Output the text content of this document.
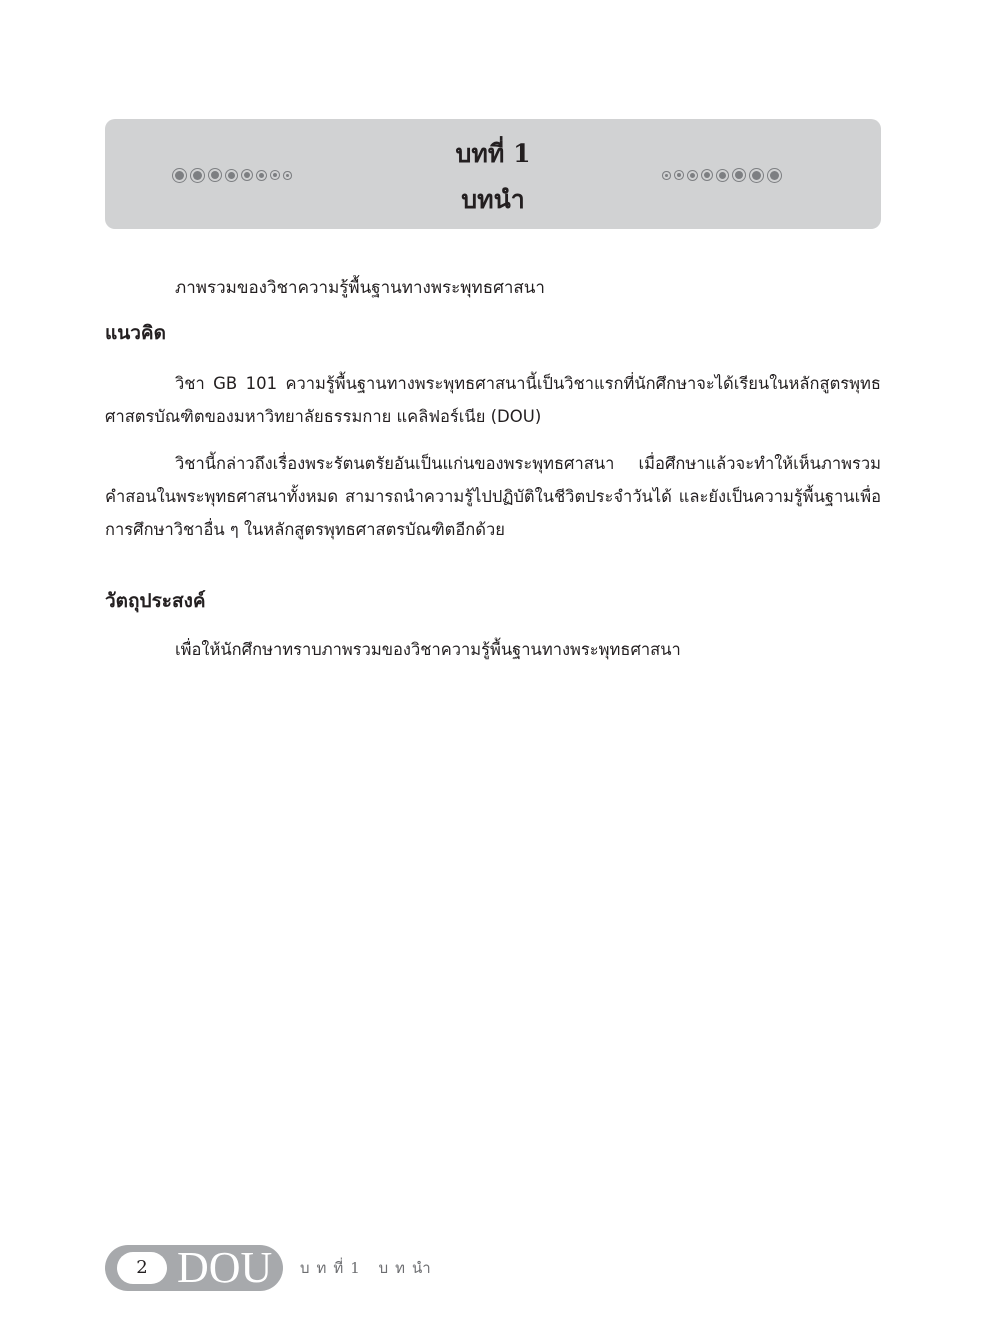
บทที่ 1
บทนำ

ภาพรวมของวิชาความรู้พื้นฐานทางพระพุทธศาสนา

แนวคิด

วิชา GB 101 ความรู้พื้นฐานทางพระพุทธศาสนานี้เป็นวิชาแรกที่นักศึกษาจะได้เรียนในหลักสูตรพุทธศาสตรบัณฑิตของมหาวิทยาลัยธรรมกาย แคลิฟอร์เนีย (DOU)

วิชานี้กล่าวถึงเรื่องพระรัตนตรัยอันเป็นแก่นของพระพุทธศาสนา เมื่อศึกษาแล้วจะทำให้เห็นภาพรวมคำสอนในพระพุทธศาสนาทั้งหมด สามารถนำความรู้ไปปฏิบัติในชีวิตประจำวันได้ และยังเป็นความรู้พื้นฐานเพื่อการศึกษาวิชาอื่น ๆ ในหลักสูตรพุทธศาสตรบัณฑิตอีกด้วย

วัตถุประสงค์

เพื่อให้นักศึกษาทราบภาพรวมของวิชาความรู้พื้นฐานทางพระพุทธศาสนา

2 DOU บทที่1 บทนำ
